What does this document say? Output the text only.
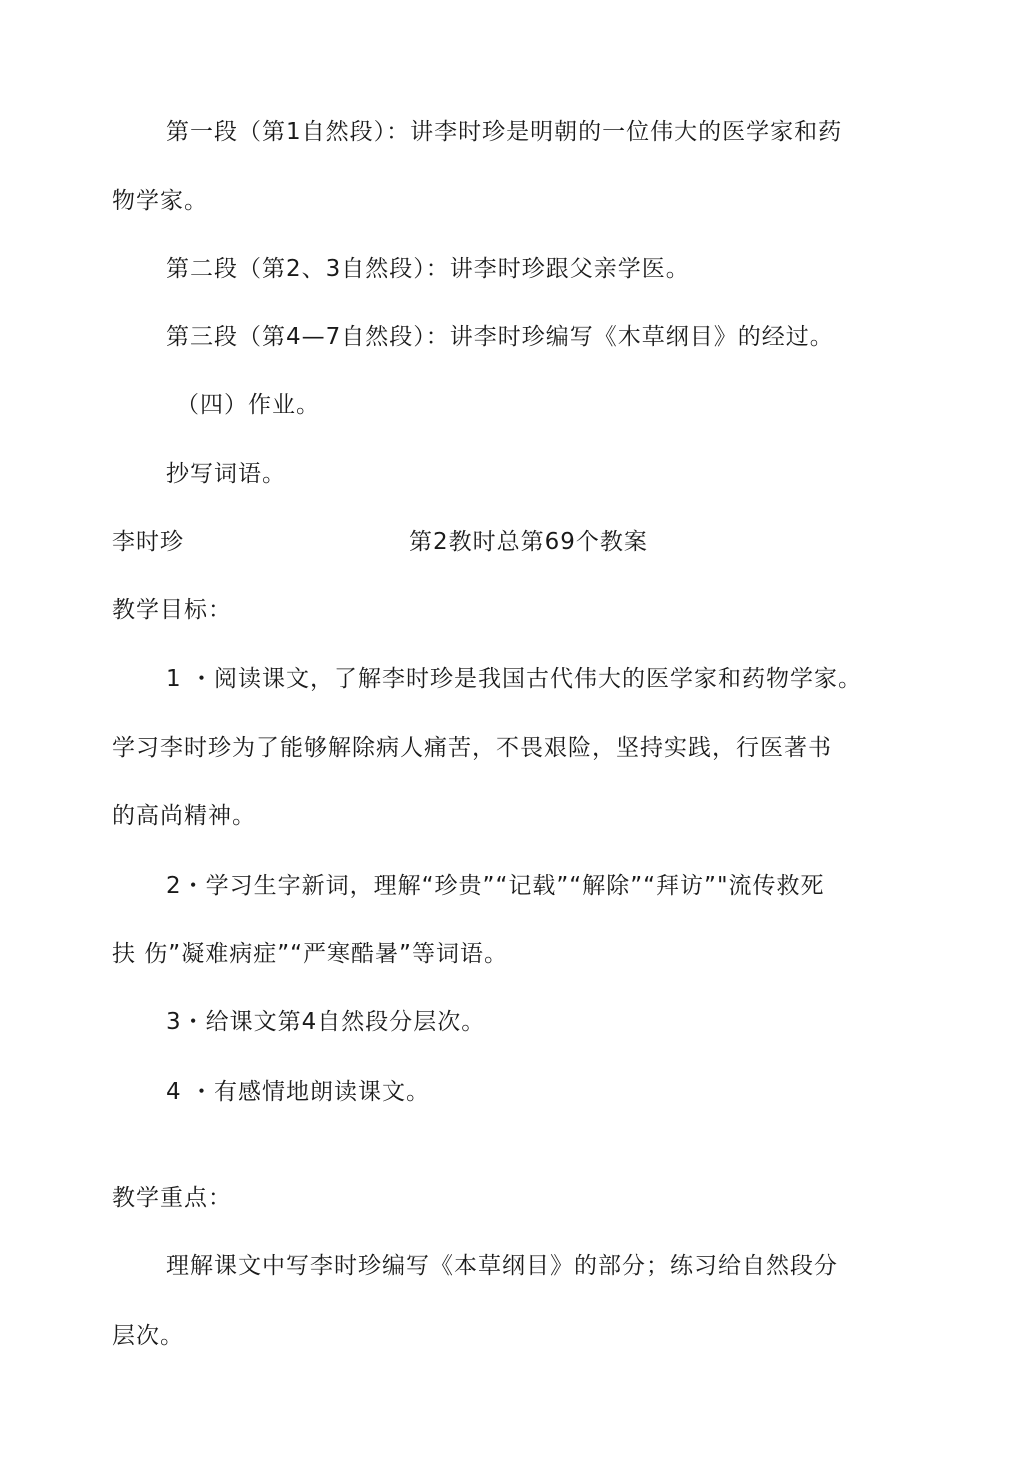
第一段（第1自然段）：讲李时珍是明朝的一位伟大的医学家和药
物学家。
第二段（第2、3自然段）：讲李时珍跟父亲学医。
第三段（第4—7自然段）：讲李时珍编写《木草纲目》的经过。
（四）作业。
抄写词语。
李时珍	第2教时总第69个教案
教学目标：
1 ・阅读课文，了解李时珍是我国古代伟大的医学家和药物学家。
学习李时珍为了能够解除病人痛苦，不畏艰险，坚持实践，行医著书
的高尚精神。
2・学习生字新词，理解“珍贵”“记载”“解除”“拜访”"流传救死
扶 伤”凝难病症”“严寒酷暑”等词语。
3・给课文第4自然段分层次。
4 ・有感情地朗读课文。
教学重点：
理解课文中写李时珍编写《本草纲目》的部分；练习给自然段分
层次。
